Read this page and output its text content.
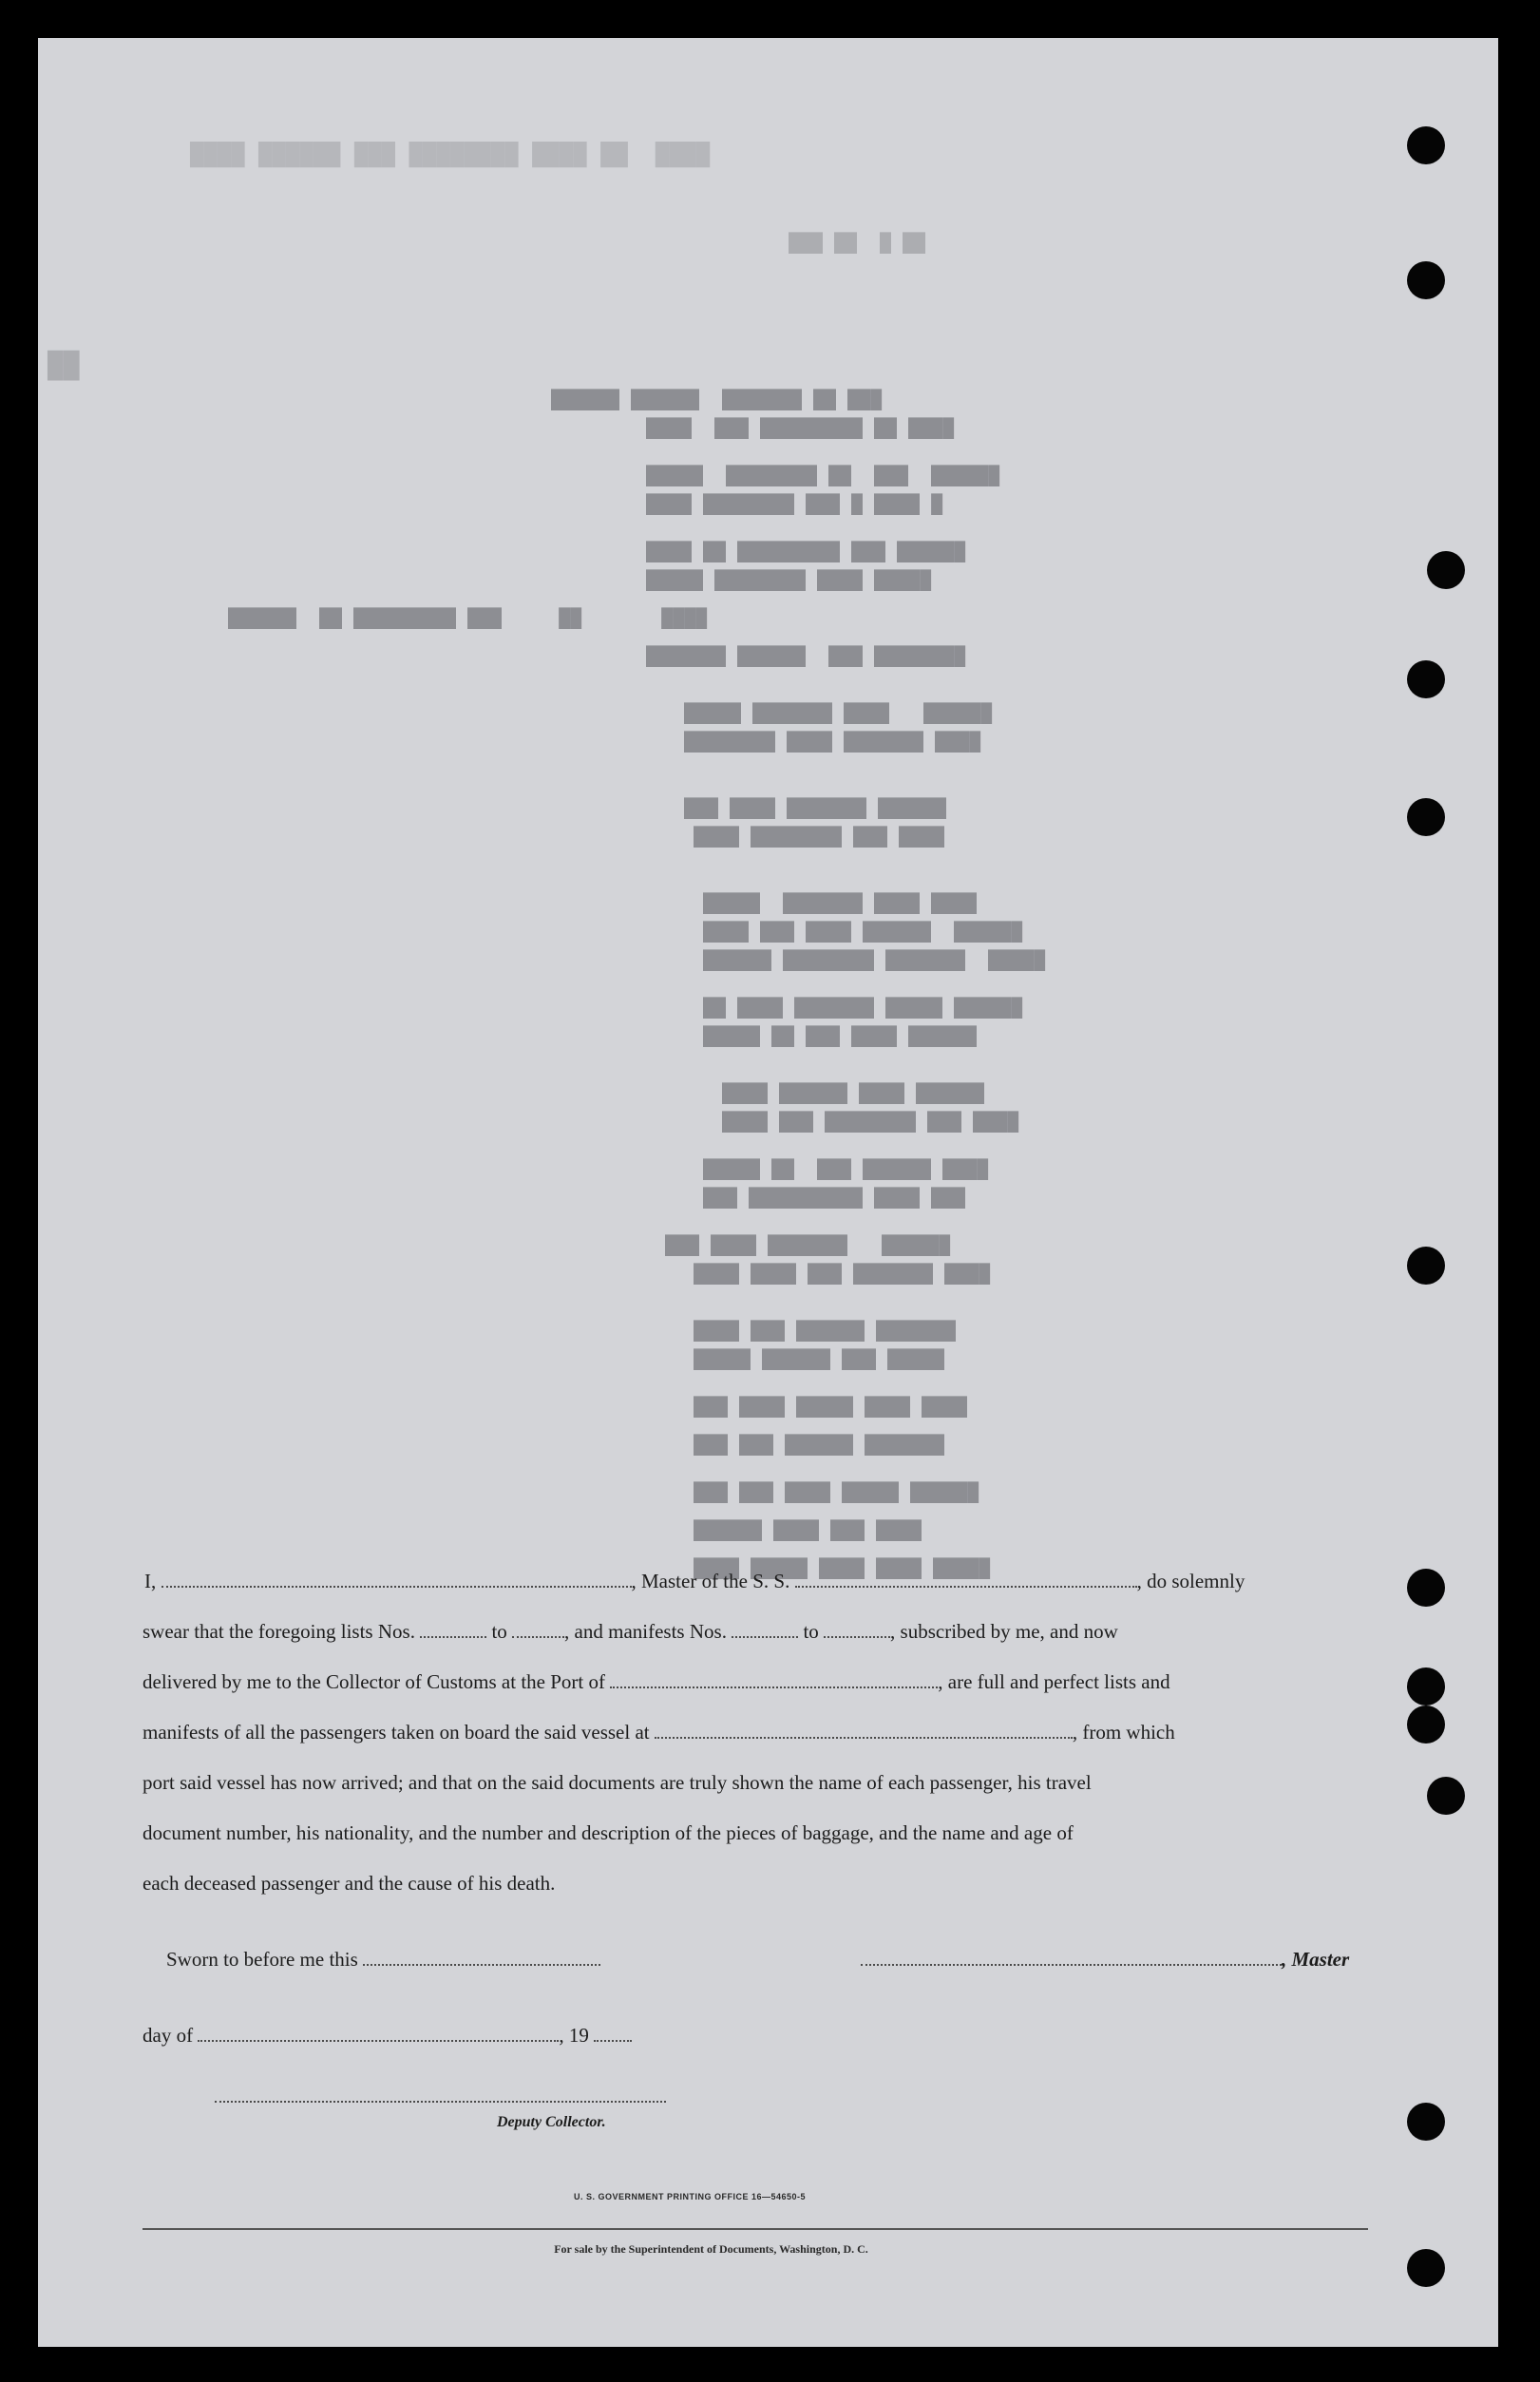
████  ██ ████ ████████ ███ ██████ ████
██ █  ██ ███
██
███ ██ ███████  ██████ ██████
████ ██ █████████ ███  ████
██████  ███  ██ ████████  █████
█ ████ █ ███ ████████ ████
██████ ███ █████████ ██ ████
█████ ████ ████████ █████
████       ██     ███ █████████ ██  ██████
████████ ███  ██████ ███████
██████   ████ ███████ █████
████ ███████ ████ ████████
██████ ███████ ████ ███
████ ███ ████████ ████
████ ████ ███████  █████
██████  ██████ ████ ███ ████
█████  ███████ ████████ ██████
██████ █████ ███████ ████ ██
██████ ████ ███ ██ █████
██████ ████ ██████ ████
████ ███ ████████ ███ ████
████ ██████ ███  ██ █████
███ ████ ██████████ ███
██████   ███████ ████ ███
████ ███████ ███ ████ ████
███████ ██████ ███ ████
█████ ███ ██████ █████
████ ████ █████ ████ ███
███████ ██████ ███ ███
██████ █████ ████ ███ ███
████ ███ ████ ██████
█████ ████ ████ █████ ████
I,	, Master of the S. S.	, do solemnly
swear that the foregoing lists Nos.	to	, and manifests Nos.	to	, subscribed by me, and now
delivered by me to the Collector of Customs at the Port of	, are full and perfect lists and
manifests of all the passengers taken on board the said vessel at	, from which
port said vessel has now arrived; and that on the said documents are truly shown the name of each passenger, his travel
document number, his nationality, and the number and description of the pieces of baggage, and the name and age of
each deceased passenger and the cause of his death.
Sworn to before me this	, Master
day of	, 19
Deputy Collector.
U. S. GOVERNMENT PRINTING OFFICE 16—54650-5
For sale by the Superintendent of Documents, Washington, D. C.
